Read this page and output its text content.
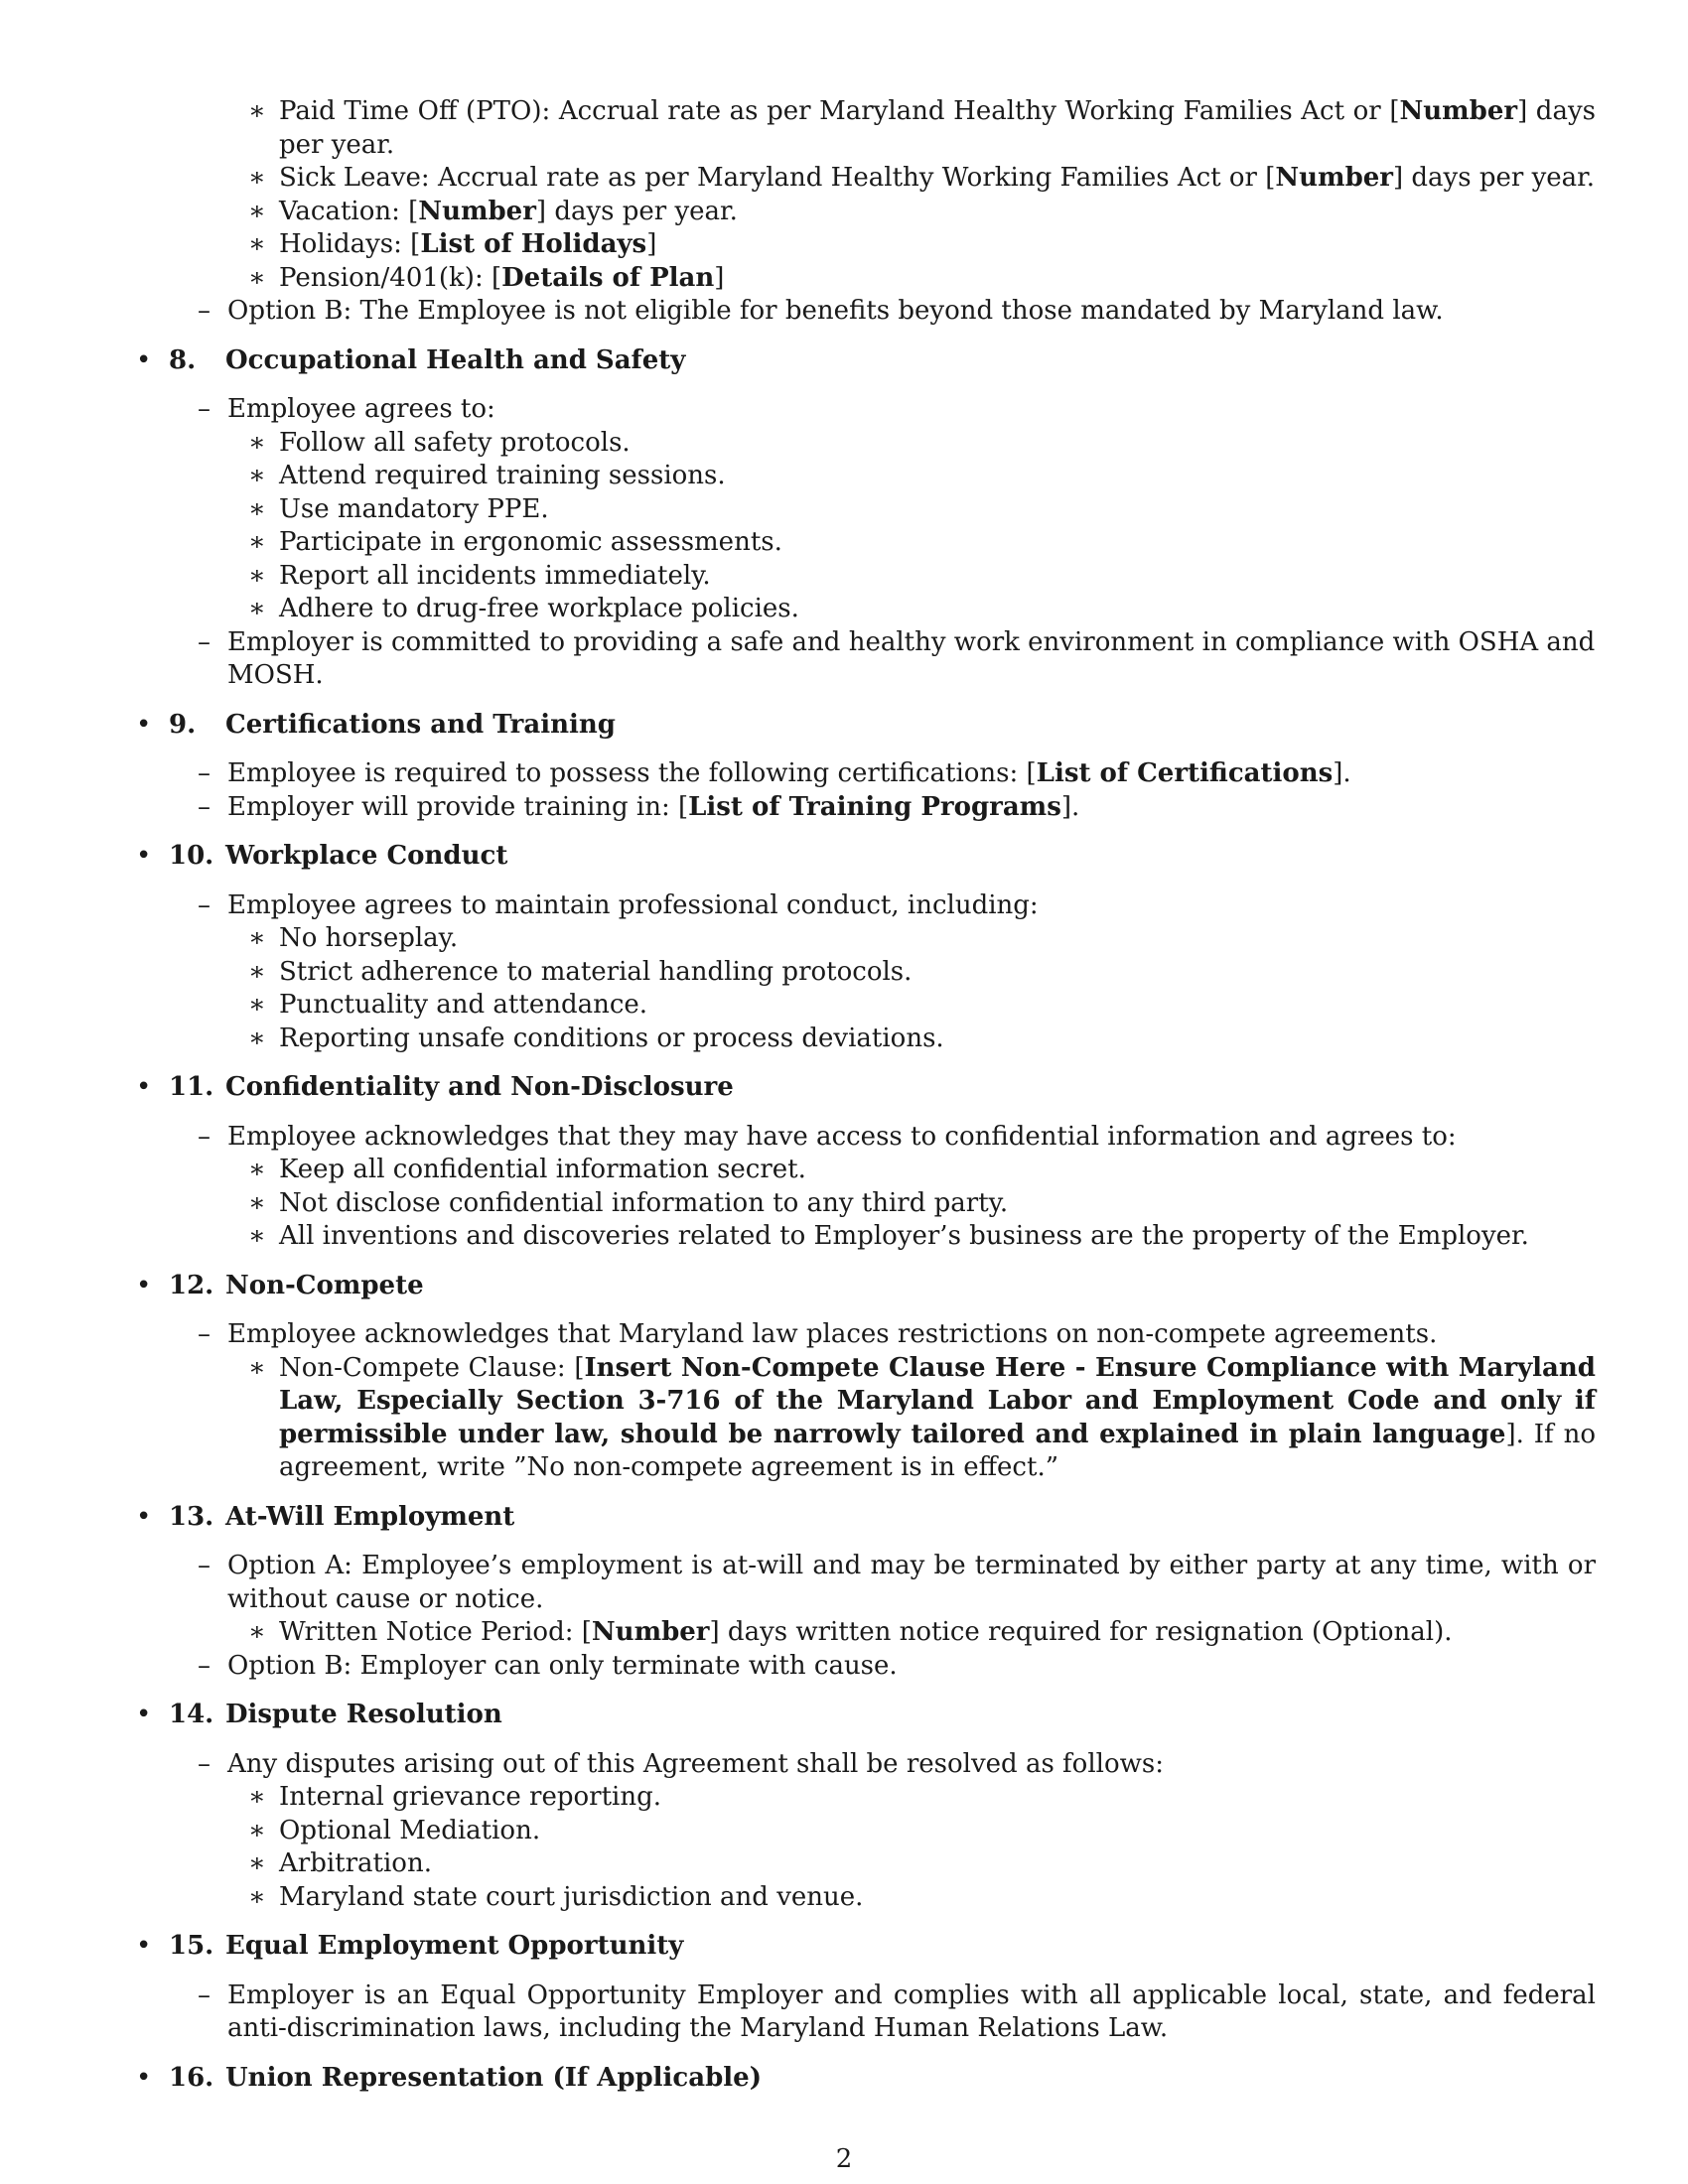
∗ Paid Time Off (PTO): Accrual rate as per Maryland Healthy Working Families Act or [Number] days per year.
∗ Sick Leave: Accrual rate as per Maryland Healthy Working Families Act or [Number] days per year.
∗ Vacation: [Number] days per year.
∗ Holidays: [List of Holidays]
∗ Pension/401(k): [Details of Plan]
– Option B: The Employee is not eligible for benefits beyond those mandated by Maryland law.
• 8. Occupational Health and Safety
– Employee agrees to:
∗ Follow all safety protocols.
∗ Attend required training sessions.
∗ Use mandatory PPE.
∗ Participate in ergonomic assessments.
∗ Report all incidents immediately.
∗ Adhere to drug-free workplace policies.
– Employer is committed to providing a safe and healthy work environment in compliance with OSHA and MOSH.
• 9. Certifications and Training
– Employee is required to possess the following certifications: [List of Certifications].
– Employer will provide training in: [List of Training Programs].
• 10. Workplace Conduct
– Employee agrees to maintain professional conduct, including:
∗ No horseplay.
∗ Strict adherence to material handling protocols.
∗ Punctuality and attendance.
∗ Reporting unsafe conditions or process deviations.
• 11. Confidentiality and Non-Disclosure
– Employee acknowledges that they may have access to confidential information and agrees to:
∗ Keep all confidential information secret.
∗ Not disclose confidential information to any third party.
∗ All inventions and discoveries related to Employer’s business are the property of the Employer.
• 12. Non-Compete
– Employee acknowledges that Maryland law places restrictions on non-compete agreements.
∗ Non-Compete Clause: [Insert Non-Compete Clause Here - Ensure Compliance with Maryland Law, Especially Section 3-716 of the Maryland Labor and Employment Code and only if permissible under law, should be narrowly tailored and explained in plain language]. If no agreement, write ”No non-compete agreement is in effect.”
• 13. At-Will Employment
– Option A: Employee’s employment is at-will and may be terminated by either party at any time, with or without cause or notice.
∗ Written Notice Period: [Number] days written notice required for resignation (Optional).
– Option B: Employer can only terminate with cause.
• 14. Dispute Resolution
– Any disputes arising out of this Agreement shall be resolved as follows:
∗ Internal grievance reporting.
∗ Optional Mediation.
∗ Arbitration.
∗ Maryland state court jurisdiction and venue.
• 15. Equal Employment Opportunity
– Employer is an Equal Opportunity Employer and complies with all applicable local, state, and federal anti-discrimination laws, including the Maryland Human Relations Law.
• 16. Union Representation (If Applicable)
2
